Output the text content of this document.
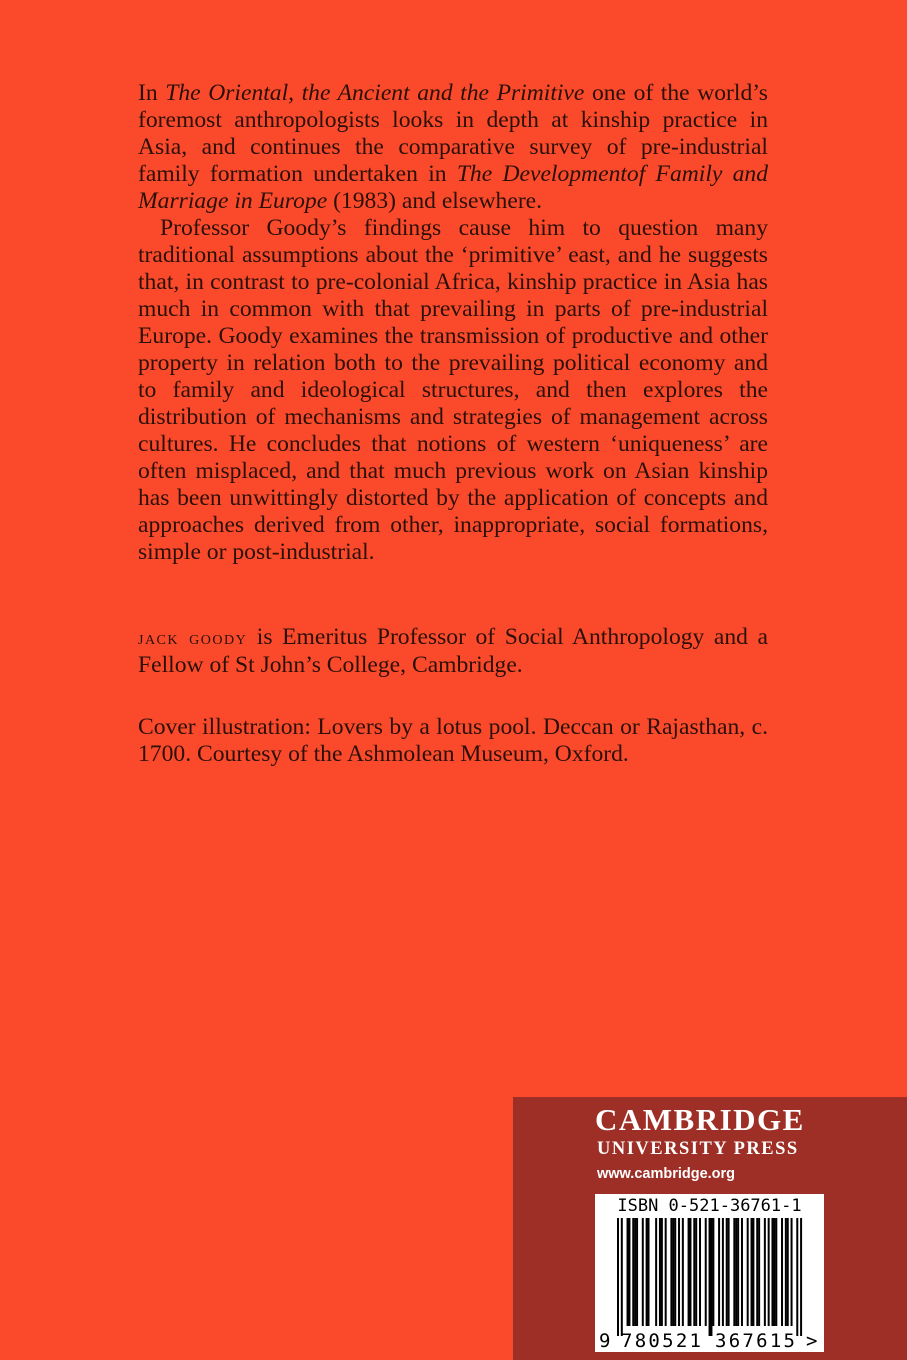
In The Oriental, the Ancient and the Primitive one of the world’s foremost anthropologists looks in depth at kinship practice in Asia, and continues the comparative survey of pre-industrial family formation undertaken in The Developmentof Family and Marriage in Europe (1983) and elsewhere.

Professor Goody’s findings cause him to question many traditional assumptions about the ‘primitive’ east, and he suggests that, in contrast to pre-colonial Africa, kinship practice in Asia has much in common with that prevailing in parts of pre-industrial Europe. Goody examines the transmission of productive and other property in relation both to the prevailing political economy and to family and ideological structures, and then explores the distribution of mechanisms and strategies of management across cultures. He concludes that notions of western ‘uniqueness’ are often misplaced, and that much previous work on Asian kinship has been unwittingly distorted by the application of concepts and approaches derived from other, inappropriate, social formations, simple or post-industrial.

jack goody is Emeritus Professor of Social Anthropology and a Fellow of St John’s College, Cambridge.
Cover illustration: Lovers by a lotus pool. Deccan or Rajasthan, c. 1700. Courtesy of the Ashmolean Museum, Oxford.
CAMBRIDGE
UNIVERSITY PRESS
www.cambridge.org
ISBN 0-521-36761-1
9 780521 367615 >
